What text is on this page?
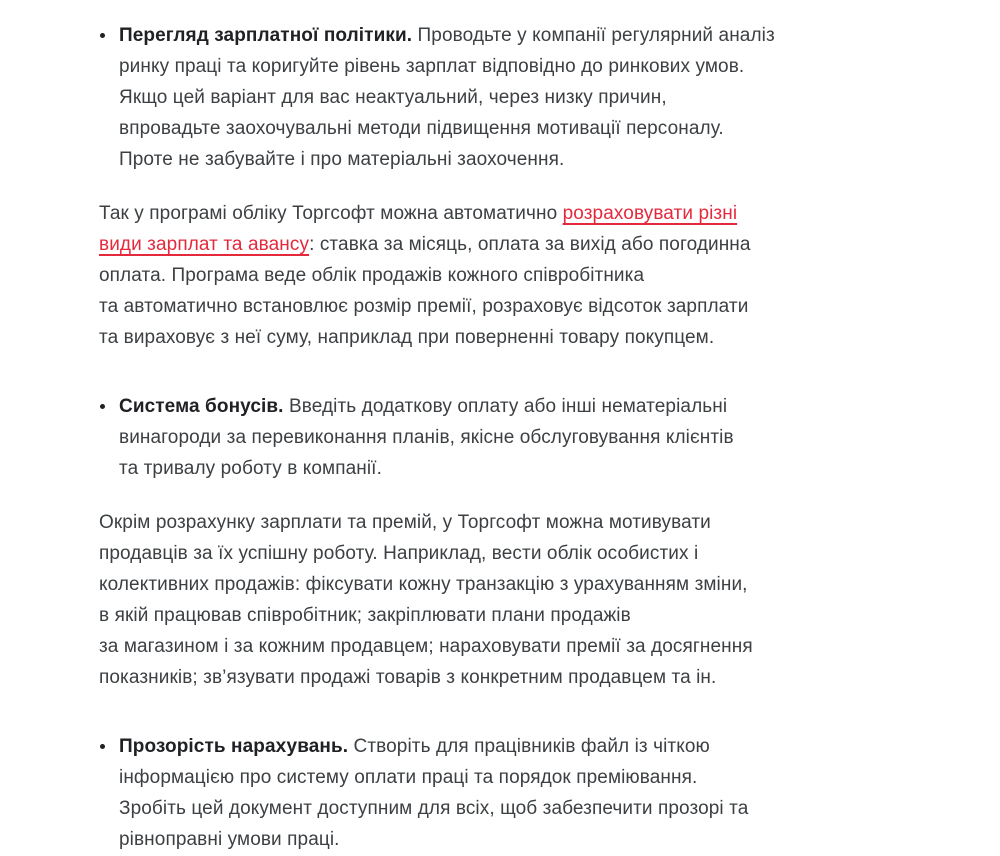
Перегляд зарплатної політики. Проводьте у компанії регулярний аналіз
ринку праці та коригуйте рівень зарплат відповідно до ринкових умов.
Якщо цей варіант для вас неактуальний, через низку причин,
впровадьте заохочувальні методи підвищення мотивації персоналу.
Проте не забувайте і про матеріальні заохочення.
Так у програмі обліку Торгсофт можна автоматично розраховувати різні
види зарплат та авансу: ставка за місяць, оплата за вихід або погодинна
оплата. Програма веде облік продажів кожного співробітника
та автоматично встановлює розмір премії, розраховує відсоток зарплати
та вираховує з неї суму, наприклад при поверненні товару покупцем.
Система бонусів. Введіть додаткову оплату або інші нематеріальні
винагороди за перевиконання планів, якісне обслуговування клієнтів
та тривалу роботу в компанії.
Окрім розрахунку зарплати та премій, у Торгсофт можна мотивувати
продавців за їх успішну роботу. Наприклад, вести облік особистих і
колективних продажів: фіксувати кожну транзакцію з урахуванням зміни,
в якій працював співробітник; закріплювати плани продажів
за магазином і за кожним продавцем; нараховувати премії за досягнення
показників; зв’язувати продажі товарів з конкретним продавцем та ін.
Прозорість нарахувань. Створіть для працівників файл із чіткою
інформацією про систему оплати праці та порядок преміювання.
Зробіть цей документ доступним для всіх, щоб забезпечити прозорі та
рівноправні умови праці.
